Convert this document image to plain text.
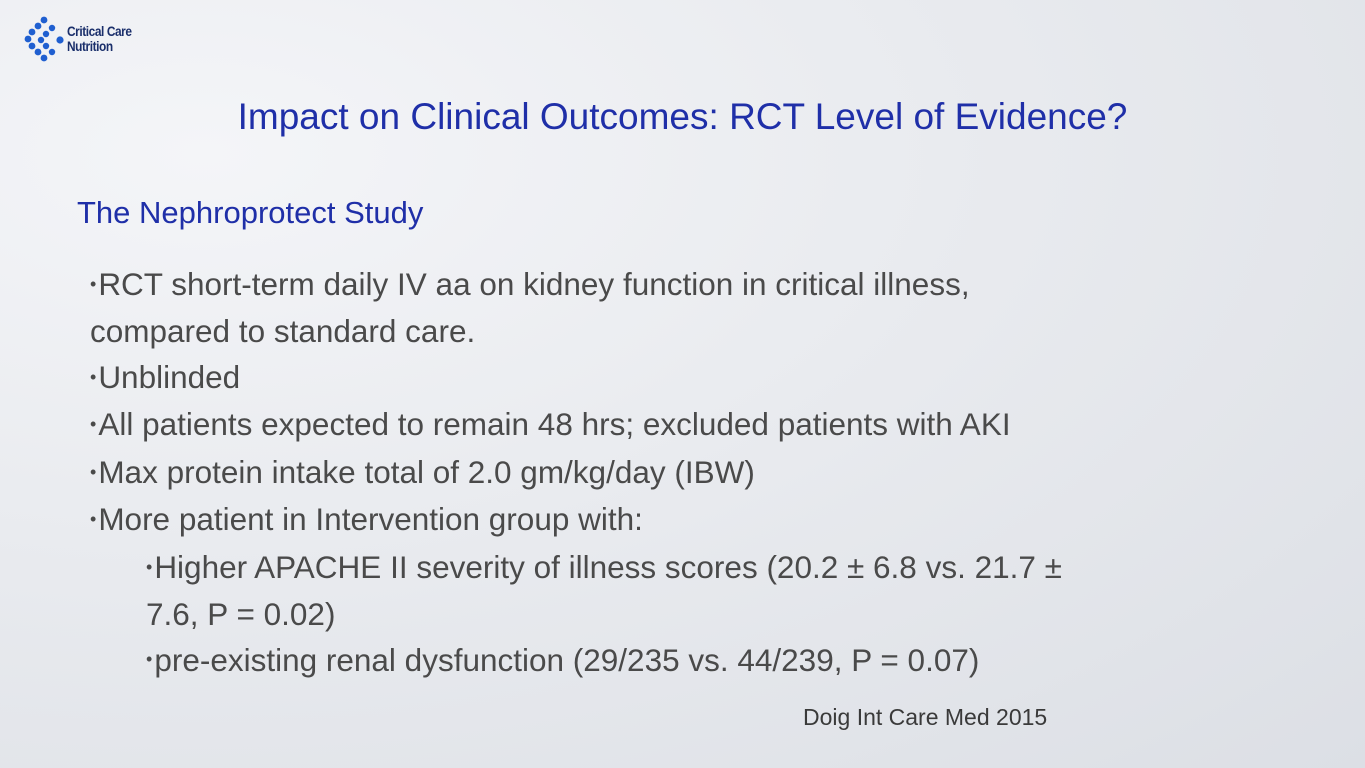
Critical Care
Nutrition
Impact on Clinical Outcomes: RCT Level of Evidence?
The Nephroprotect Study
•RCT short-term daily IV aa on kidney function in critical illness,
compared to standard care.
•Unblinded
•All patients expected to remain 48 hrs; excluded patients with AKI
•Max protein intake total of 2.0 gm/kg/day (IBW)
•More patient in Intervention group with:
•Higher APACHE II severity of illness scores (20.2 ± 6.8 vs. 21.7 ±
7.6, P = 0.02)
•pre-existing renal dysfunction (29/235 vs. 44/239, P = 0.07)
Doig Int Care Med 2015
